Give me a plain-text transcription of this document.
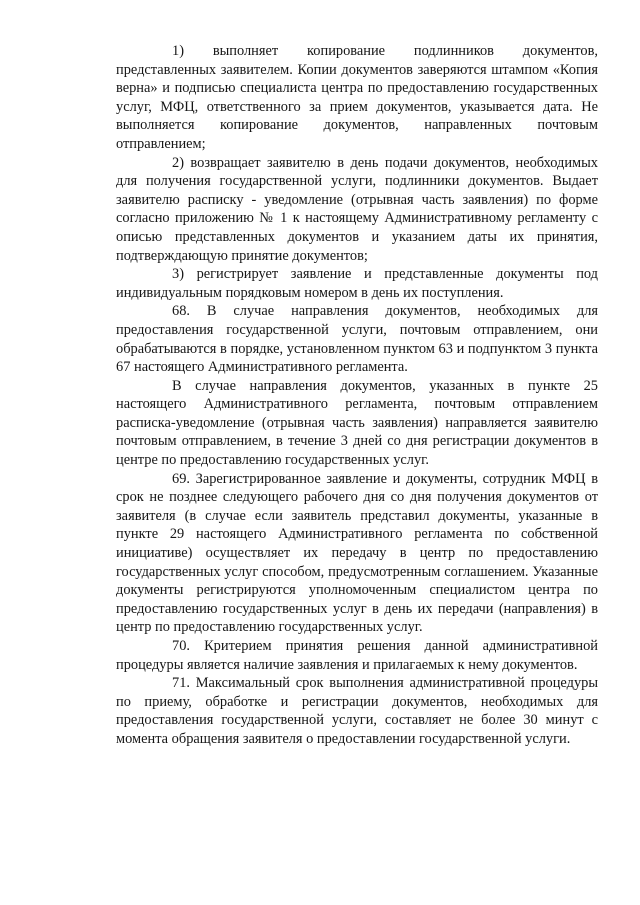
1) выполняет копирование подлинников документов, представленных заявителем. Копии документов заверяются штампом «Копия верна» и подписью специалиста центра по предоставлению государственных услуг, МФЦ, ответственного за прием документов, указывается дата. Не выполняется копирование документов, направленных почтовым отправлением;

2) возвращает заявителю в день подачи документов, необходимых для получения государственной услуги, подлинники документов. Выдает заявителю расписку - уведомление (отрывная часть заявления) по форме согласно приложению № 1 к настоящему Административному регламенту с описью представленных документов и указанием даты их принятия, подтверждающую принятие документов;

3) регистрирует заявление и представленные документы под индивидуальным порядковым номером в день их поступления.

68. В случае направления документов, необходимых для предоставления государственной услуги, почтовым отправлением, они обрабатываются в порядке, установленном пунктом 63 и подпунктом 3 пункта 67 настоящего Административного регламента.

В случае направления документов, указанных в пункте 25 настоящего Административного регламента, почтовым отправлением расписка-уведомление (отрывная часть заявления) направляется заявителю почтовым отправлением, в течение 3 дней со дня регистрации документов в центре по предоставлению государственных услуг.

69. Зарегистрированное заявление и документы, сотрудник МФЦ в срок не позднее следующего рабочего дня со дня получения документов от заявителя (в случае если заявитель представил документы, указанные в пункте 29 настоящего Административного регламента по собственной инициативе) осуществляет их передачу в центр по предоставлению государственных услуг способом, предусмотренным соглашением. Указанные документы регистрируются уполномоченным специалистом центра по предоставлению государственных услуг в день их передачи (направления) в центр по предоставлению государственных услуг.

70. Критерием принятия решения данной административной процедуры является наличие заявления и прилагаемых к нему документов.

71. Максимальный срок выполнения административной процедуры по приему, обработке и регистрации документов, необходимых для предоставления государственной услуги, составляет не более 30 минут с момента обращения заявителя о предоставлении государственной услуги.
